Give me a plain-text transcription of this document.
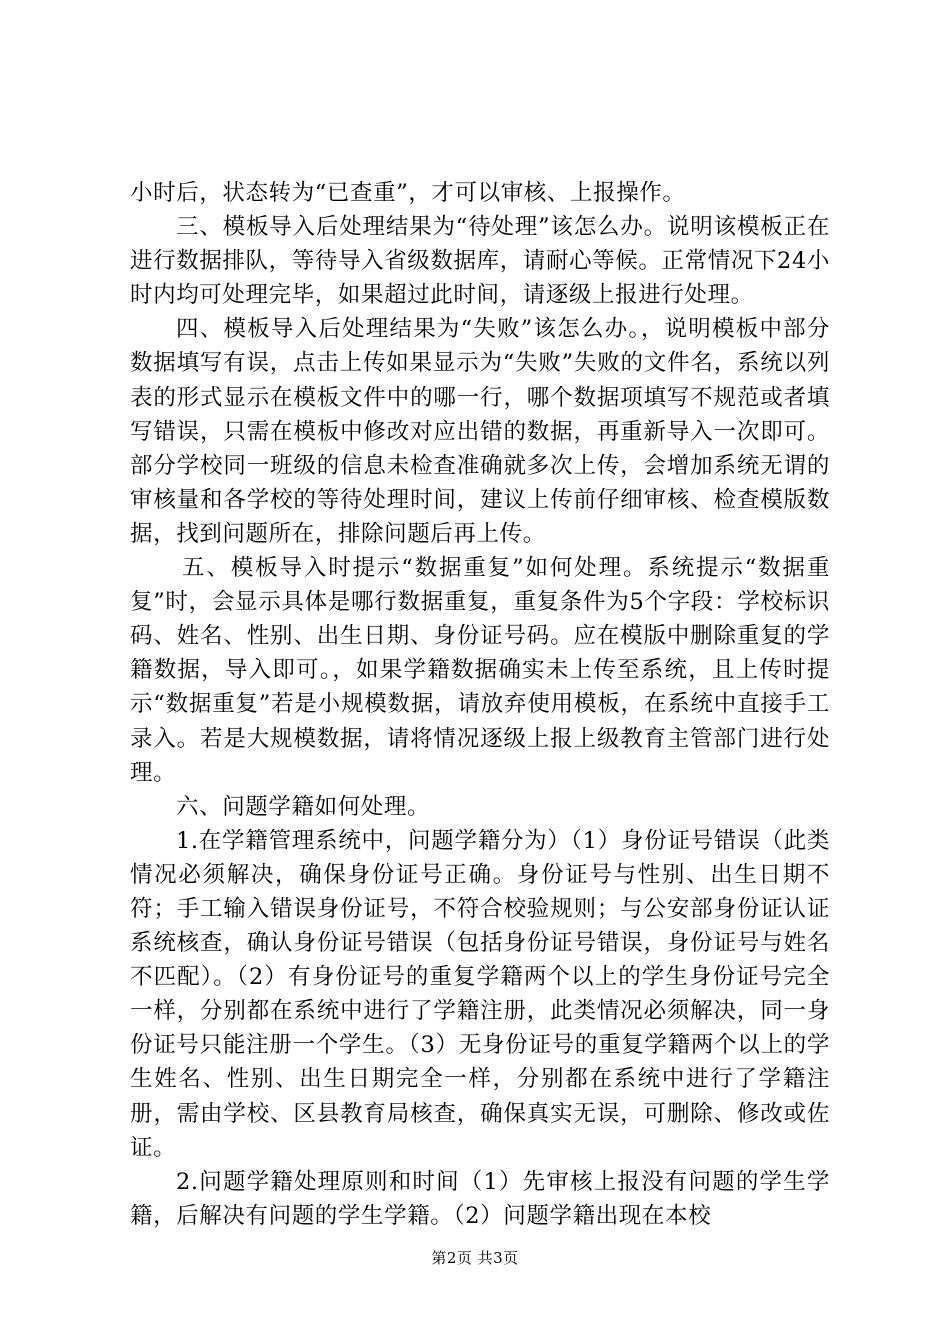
小时后，状态转为“已查重”，才可以审核、上报操作。

三、模板导入后处理结果为“待处理”该怎么办。说明该模板正在进行数据排队，等待导入省级数据库，请耐心等候。正常情况下24小时内均可处理完毕，如果超过此时间，请逐级上报进行处理。

四、模板导入后处理结果为“失败”该怎么办。，说明模板中部分数据填写有误，点击上传如果显示为“失败”失败的文件名，系统以列表的形式显示在模板文件中的哪一行，哪个数据项填写不规范或者填写错误，只需在模板中修改对应出错的数据，再重新导入一次即可。部分学校同一班级的信息未检查准确就多次上传，会增加系统无谓的审核量和各学校的等待处理时间，建议上传前仔细审核、检查模版数据，找到问题所在，排除问题后再上传。

五、模板导入时提示“数据重复”如何处理。系统提示“数据重复”时，会显示具体是哪行数据重复，重复条件为5个字段：学校标识码、姓名、性别、出生日期、身份证号码。应在模版中删除重复的学籍数据，导入即可。，如果学籍数据确实未上传至系统，且上传时提示“数据重复”若是小规模数据，请放弃使用模板，在系统中直接手工录入。若是大规模数据，请将情况逐级上报上级教育主管部门进行处理。

六、问题学籍如何处理。

1.在学籍管理系统中，问题学籍分为）（1）身份证号错误（此类情况必须解决，确保身份证号正确。身份证号与性别、出生日期不符；手工输入错误身份证号，不符合校验规则；与公安部身份证认证系统核查，确认身份证号错误（包括身份证号错误，身份证号与姓名不匹配）。（2）有身份证号的重复学籍两个以上的学生身份证号完全一样，分别都在系统中进行了学籍注册，此类情况必须解决，同一身份证号只能注册一个学生。（3）无身份证号的重复学籍两个以上的学生姓名、性别、出生日期完全一样，分别都在系统中进行了学籍注册，需由学校、区县教育局核查，确保真实无误，可删除、修改或佐证。

2.问题学籍处理原则和时间（1）先审核上报没有问题的学生学籍，后解决有问题的学生学籍。（2）问题学籍出现在本校

第2页 共3页
